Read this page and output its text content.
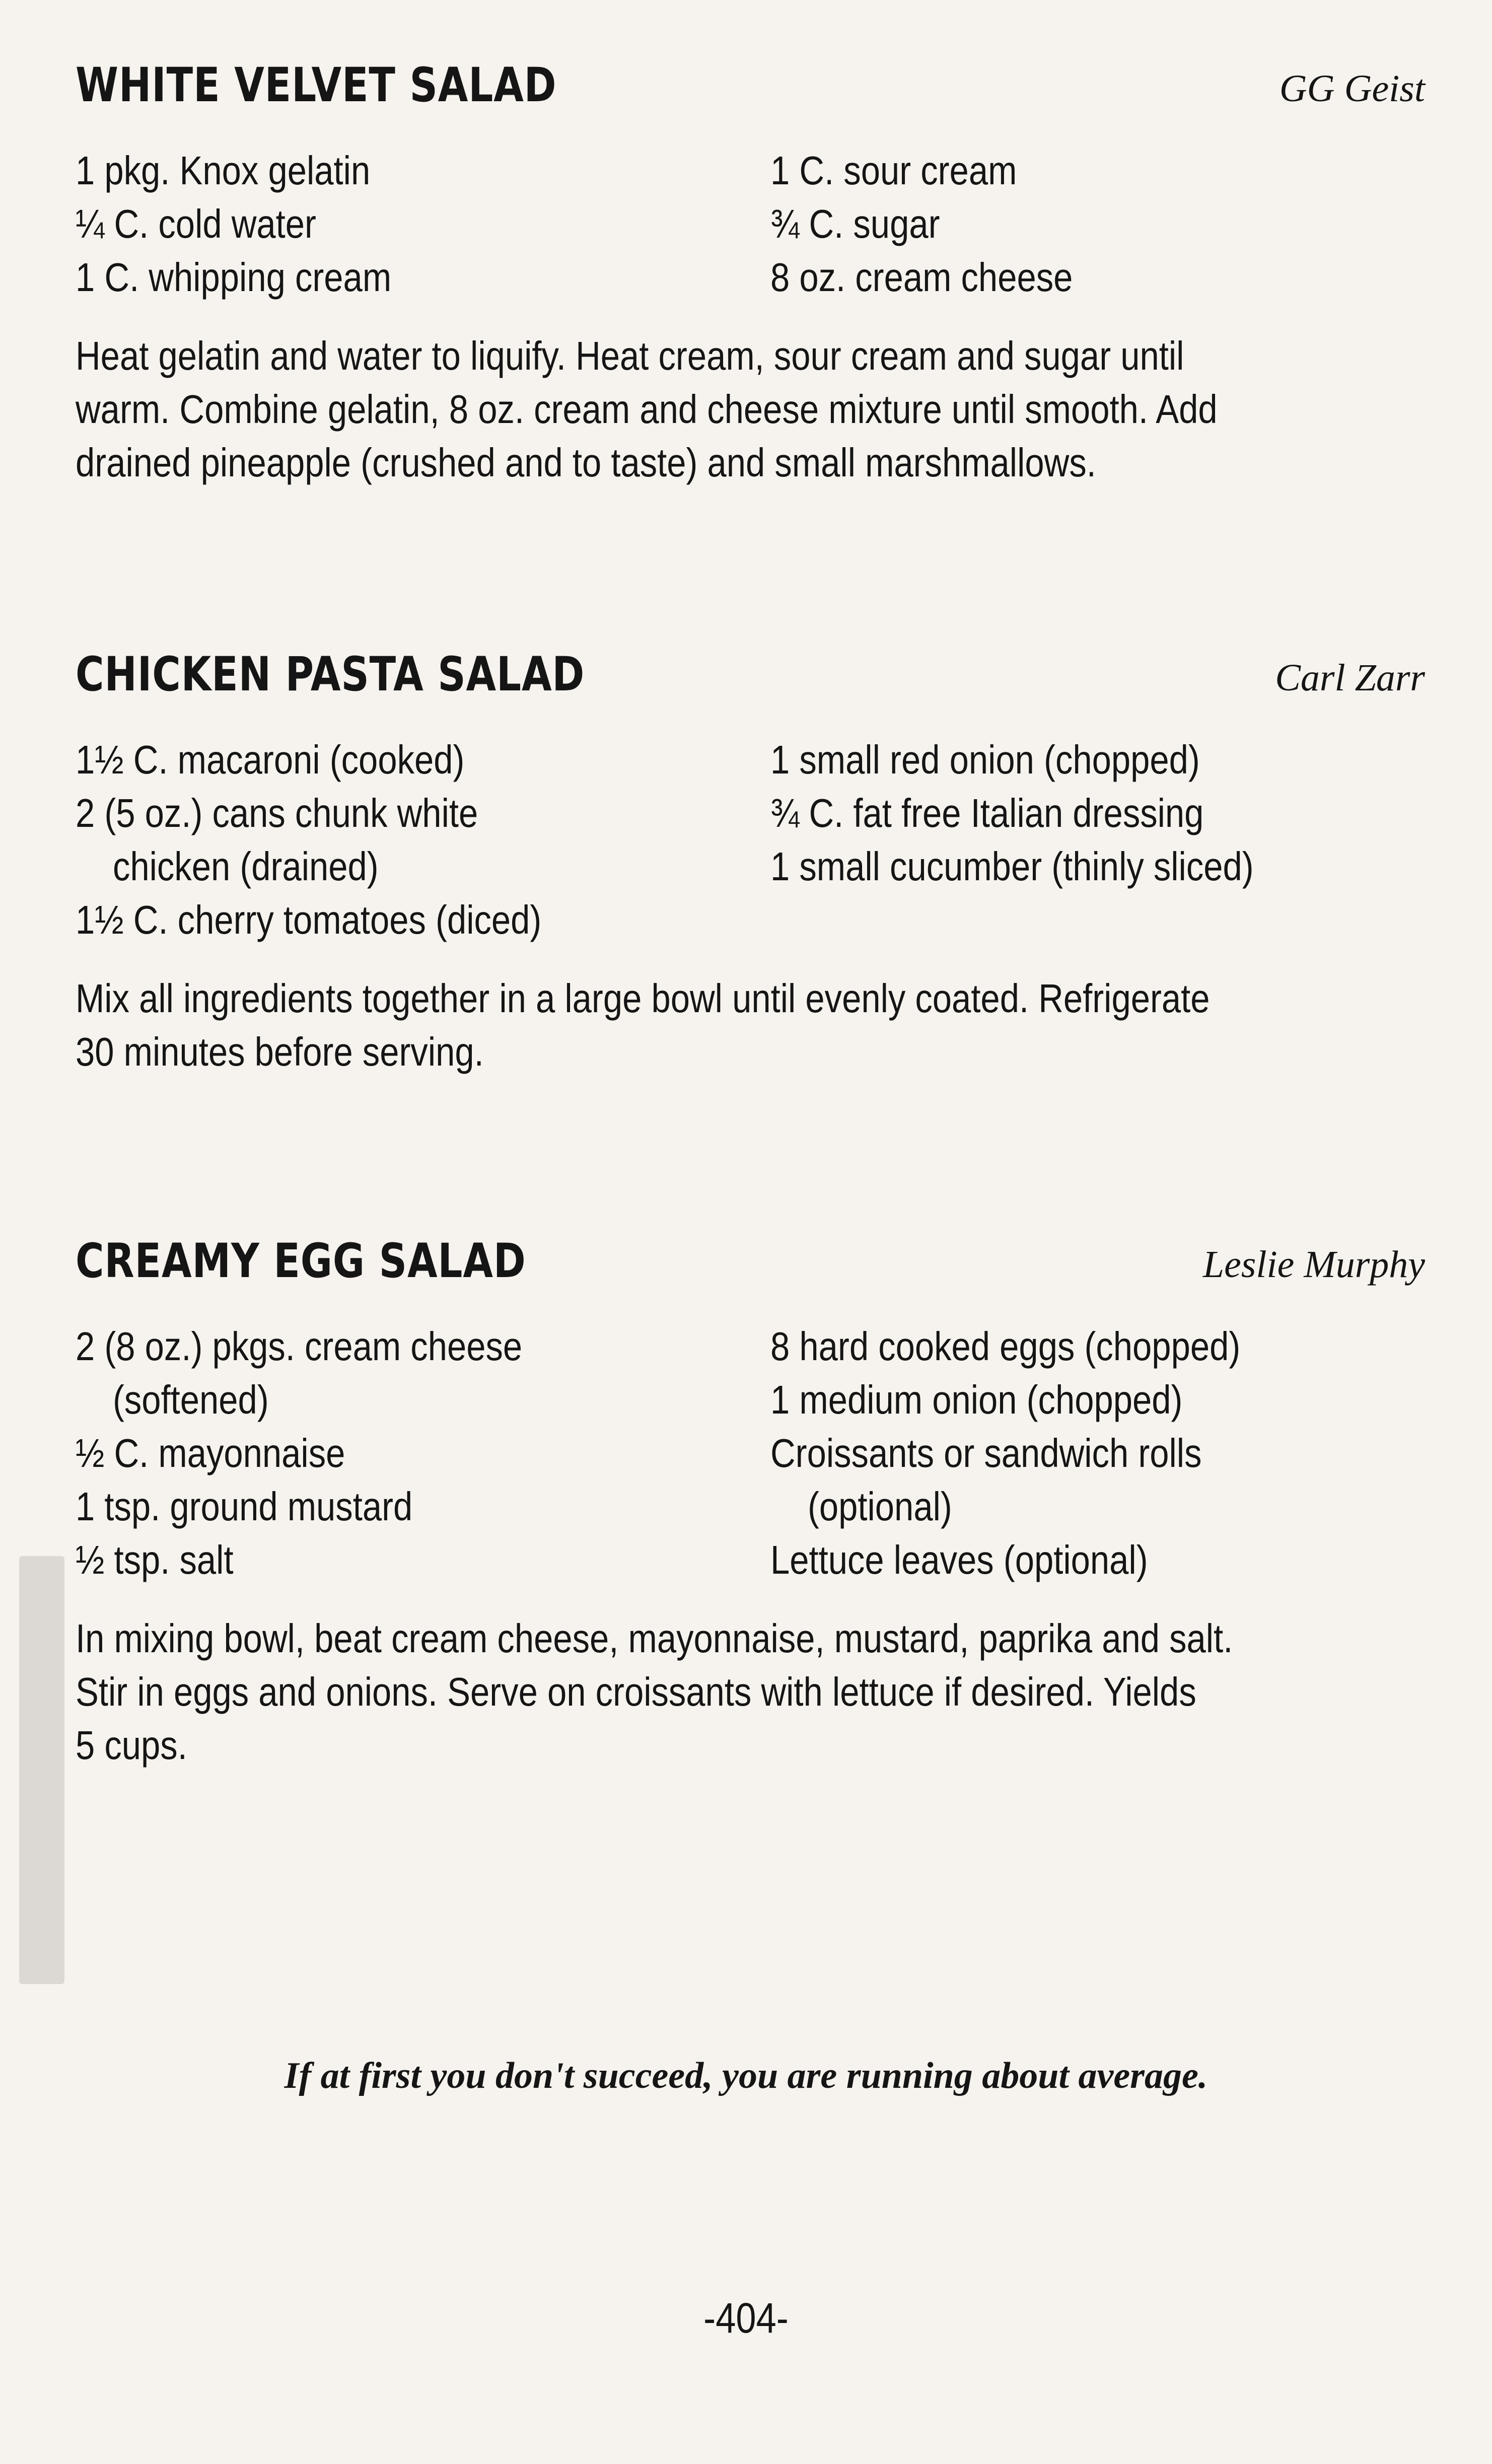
WHITE VELVET SALAD	GG Geist
1 pkg. Knox gelatin
¼ C. cold water
1 C. whipping cream
1 C. sour cream
¾ C. sugar
8 oz. cream cheese
Heat gelatin and water to liquify. Heat cream, sour cream and sugar until
warm. Combine gelatin, 8 oz. cream and cheese mixture until smooth. Add
drained pineapple (crushed and to taste) and small marshmallows.
CHICKEN PASTA SALAD	Carl Zarr
1½ C. macaroni (cooked)
2 (5 oz.) cans chunk white
chicken (drained)
1½ C. cherry tomatoes (diced)
1 small red onion (chopped)
¾ C. fat free Italian dressing
1 small cucumber (thinly sliced)
Mix all ingredients together in a large bowl until evenly coated. Refrigerate
30 minutes before serving.
CREAMY EGG SALAD	Leslie Murphy
2 (8 oz.) pkgs. cream cheese
(softened)
½ C. mayonnaise
1 tsp. ground mustard
½ tsp. salt
8 hard cooked eggs (chopped)
1 medium onion (chopped)
Croissants or sandwich rolls
(optional)
Lettuce leaves (optional)
In mixing bowl, beat cream cheese, mayonnaise, mustard, paprika and salt.
Stir in eggs and onions. Serve on croissants with lettuce if desired. Yields
5 cups.
If at first you don't succeed, you are running about average.
-404-
